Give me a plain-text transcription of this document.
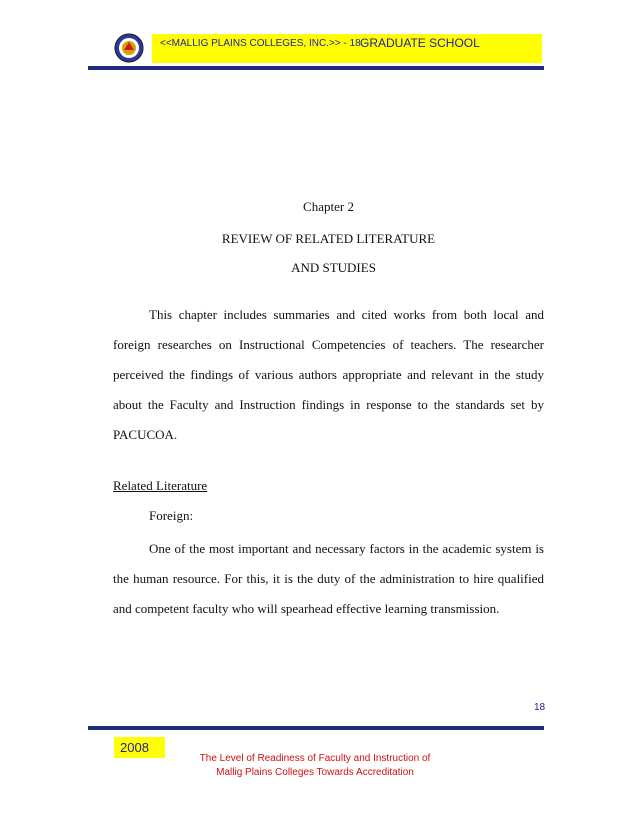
<<MALLIG PLAINS COLLEGES, INC.>> - 18 -
GRADUATE SCHOOL
Chapter 2
REVIEW OF RELATED LITERATURE
AND STUDIES
This chapter includes summaries and cited works from both local and foreign researches on Instructional Competencies of teachers. The researcher perceived the findings of various authors appropriate and relevant in the study about the Faculty and Instruction findings in response to the standards set by PACUCOA.
Related Literature
Foreign:
One of the most important and necessary factors in the academic system is the human resource. For this, it is the duty of the administration to hire qualified and competent faculty who will spearhead effective learning transmission.
18
2008
The Level of Readiness of Faculty and Instruction of
Mallig Plains Colleges Towards Accreditation
